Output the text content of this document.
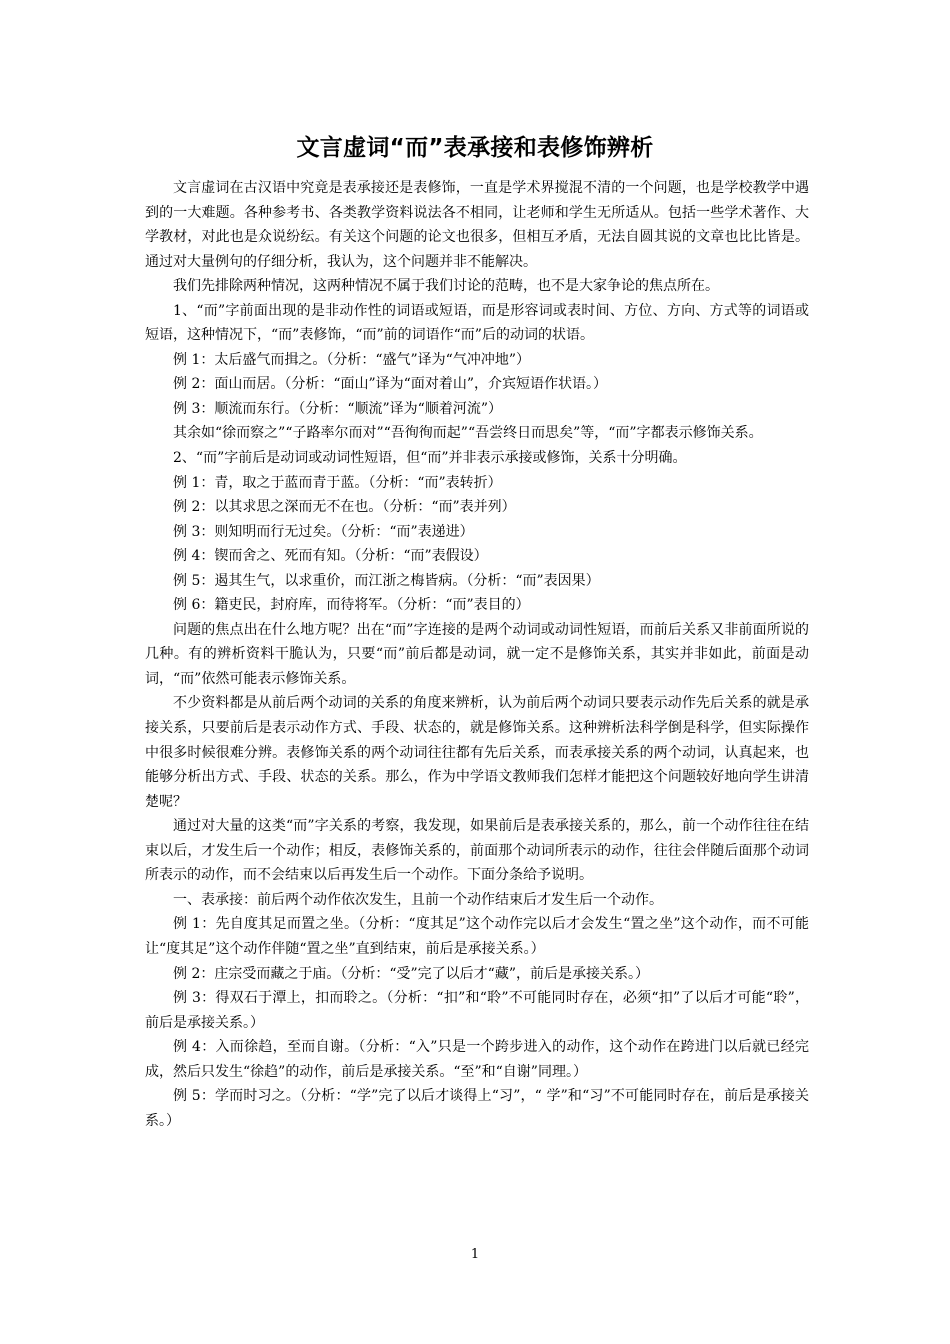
文言虚词“而”表承接和表修饰辨析

文言虚词在古汉语中究竟是表承接还是表修饰，一直是学术界搅混不清的一个问题，也是学校教学中遇到的一大难题。各种参考书、各类教学资料说法各不相同，让老师和学生无所适从。包括一些学术著作、大学教材，对此也是众说纷纭。有关这个问题的论文也很多，但相互矛盾，无法自圆其说的文章也比比皆是。通过对大量例句的仔细分析，我认为，这个问题并非不能解决。

我们先排除两种情况，这两种情况不属于我们讨论的范畴，也不是大家争论的焦点所在。

1、“而”字前面出现的是非动作性的词语或短语，而是形容词或表时间、方位、方向、方式等的词语或短语，这种情况下，“而”表修饰，“而”前的词语作“而”后的动词的状语。

例 1：太后盛气而揖之。（分析：“盛气”译为“气冲冲地”）

例 2：面山而居。（分析：“面山”译为“面对着山”，介宾短语作状语。）

例 3：顺流而东行。（分析：“顺流”译为“顺着河流”）

其余如“徐而察之”“子路率尔而对”“吾徇徇而起”“吾尝终日而思矣”等，“而”字都表示修饰关系。

2、“而”字前后是动词或动词性短语，但“而”并非表示承接或修饰，关系十分明确。

例 1：青，取之于蓝而青于蓝。（分析：“而”表转折）

例 2：以其求思之深而无不在也。（分析：“而”表并列）

例 3：则知明而行无过矣。（分析：“而”表递进）

例 4：锲而舍之、死而有知。（分析：“而”表假设）

例 5：遏其生气，以求重价，而江浙之梅皆病。（分析：“而”表因果）

例 6：籍吏民，封府库，而待将军。（分析：“而”表目的）

问题的焦点出在什么地方呢？出在“而”字连接的是两个动词或动词性短语，而前后关系又非前面所说的几种。有的辨析资料干脆认为，只要“而”前后都是动词，就一定不是修饰关系，其实并非如此，前面是动词，“而”依然可能表示修饰关系。

不少资料都是从前后两个动词的关系的角度来辨析，认为前后两个动词只要表示动作先后关系的就是承接关系，只要前后是表示动作方式、手段、状态的，就是修饰关系。这种辨析法科学倒是科学，但实际操作中很多时候很难分辨。表修饰关系的两个动词往往都有先后关系，而表承接关系的两个动词，认真起来，也能够分析出方式、手段、状态的关系。那么，作为中学语文教师我们怎样才能把这个问题较好地向学生讲清楚呢？

通过对大量的这类“而”字关系的考察，我发现，如果前后是表承接关系的，那么，前一个动作往往在结束以后，才发生后一个动作；相反，表修饰关系的，前面那个动词所表示的动作，往往会伴随后面那个动词所表示的动作，而不会结束以后再发生后一个动作。下面分条给予说明。

一、表承接：前后两个动作依次发生，且前一个动作结束后才发生后一个动作。

例 1：先自度其足而置之坐。（分析：“度其足”这个动作完以后才会发生“置之坐”这个动作，而不可能让“度其足”这个动作伴随“置之坐”直到结束，前后是承接关系。）

例 2：庄宗受而藏之于庙。（分析：“受”完了以后才“藏”，前后是承接关系。）

例 3：得双石于潭上，扣而聆之。（分析：“扣”和“聆”不可能同时存在，必须“扣”了以后才可能“聆”，前后是承接关系。）

例 4：入而徐趋，至而自谢。（分析：“入”只是一个跨步进入的动作，这个动作在跨进门以后就已经完成，然后只发生“徐趋”的动作，前后是承接关系。“至”和“自谢”同理。）

例 5：学而时习之。（分析：“学”完了以后才谈得上“习”，“ 学”和“习”不可能同时存在，前后是承接关系。）

1
